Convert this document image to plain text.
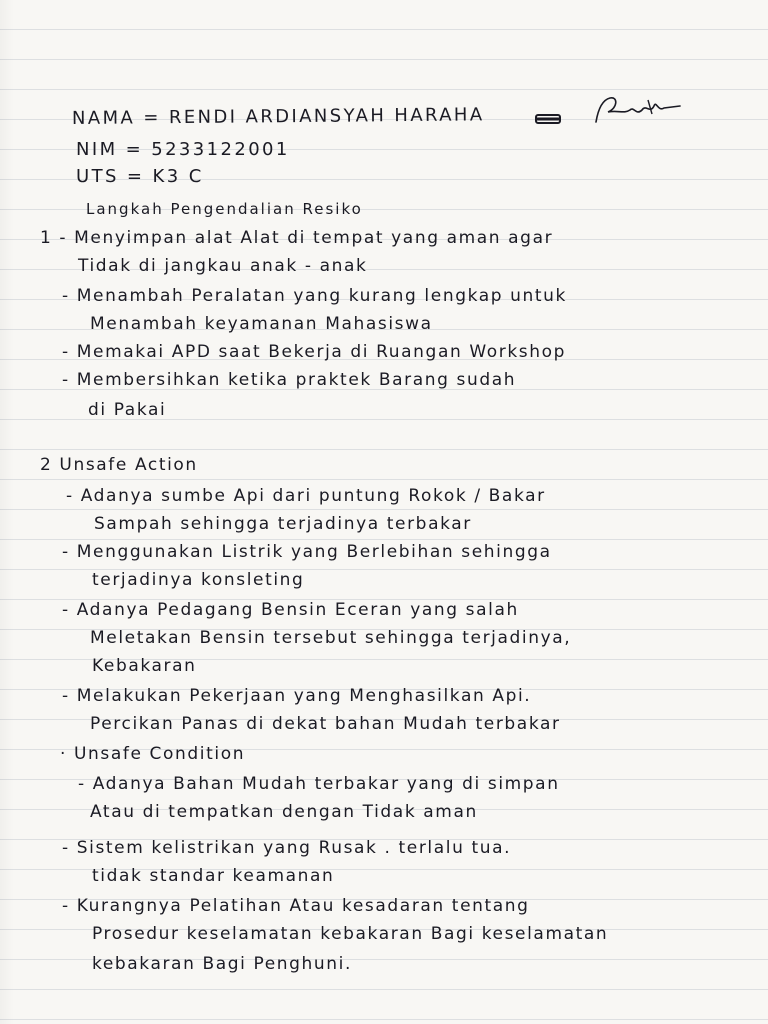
NAMA = RENDI ARDIANSYAH HARAHA
NIM = 5233122001
UTS = K3 C
Langkah Pengendalian Resiko
1 - Menyimpan alat Alat di tempat yang aman agar
Tidak di jangkau anak - anak
- Menambah Peralatan yang kurang lengkap untuk
Menambah keyamanan Mahasiswa
- Memakai APD saat Bekerja di Ruangan Workshop
- Membersihkan ketika praktek Barang sudah
di Pakai
2 Unsafe Action
- Adanya sumbe Api dari puntung Rokok / Bakar
Sampah sehingga terjadinya terbakar
- Menggunakan Listrik yang Berlebihan sehingga
terjadinya konsleting
- Adanya Pedagang Bensin Eceran yang salah
Meletakan Bensin tersebut sehingga terjadinya,
Kebakaran
- Melakukan Pekerjaan yang Menghasilkan Api.
Percikan Panas di dekat bahan Mudah terbakar
· Unsafe Condition
- Adanya Bahan Mudah terbakar yang di simpan
Atau di tempatkan dengan Tidak aman
- Sistem kelistrikan yang Rusak . terlalu tua.
tidak standar keamanan
- Kurangnya Pelatihan Atau kesadaran tentang
Prosedur keselamatan kebakaran Bagi keselamatan
kebakaran Bagi Penghuni.
